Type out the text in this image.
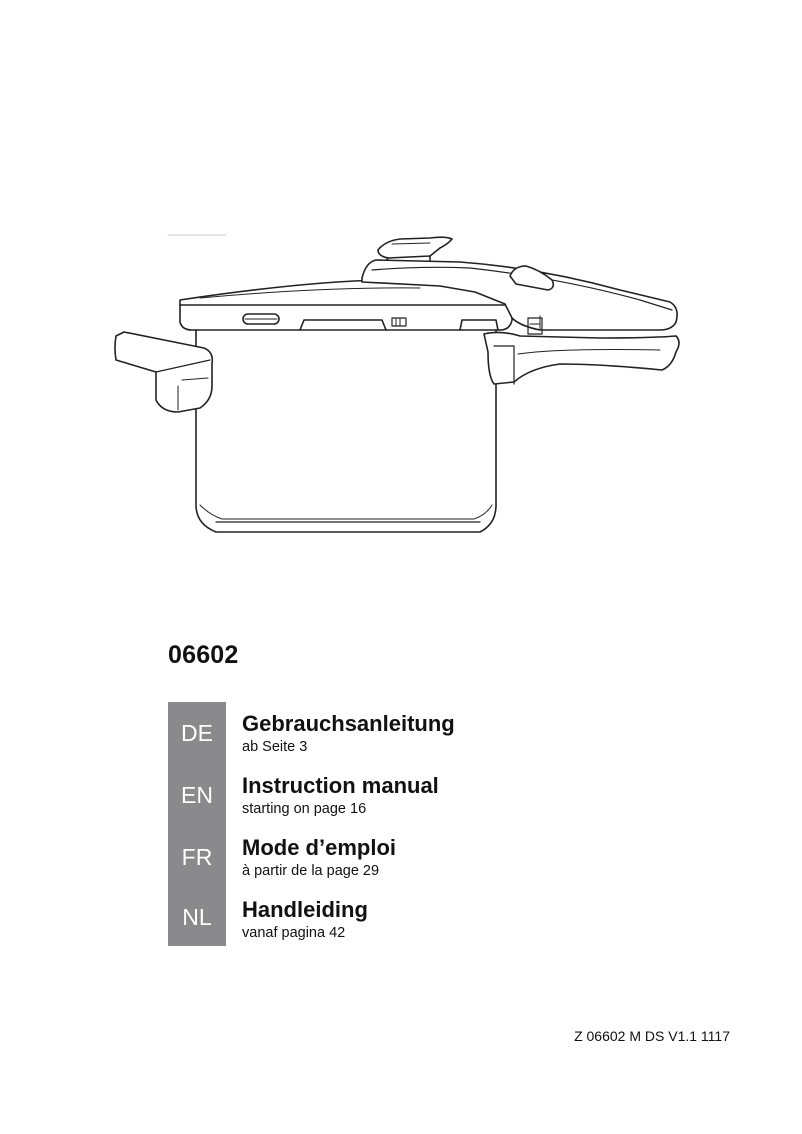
06602
DE	Gebrauchsanleitung
ab Seite 3
EN	Instruction manual
starting on page 16
FR	Mode d’emploi
à partir de la page 29
NL	Handleiding
vanaf pagina 42
Z 06602 M DS V1.1 1117
